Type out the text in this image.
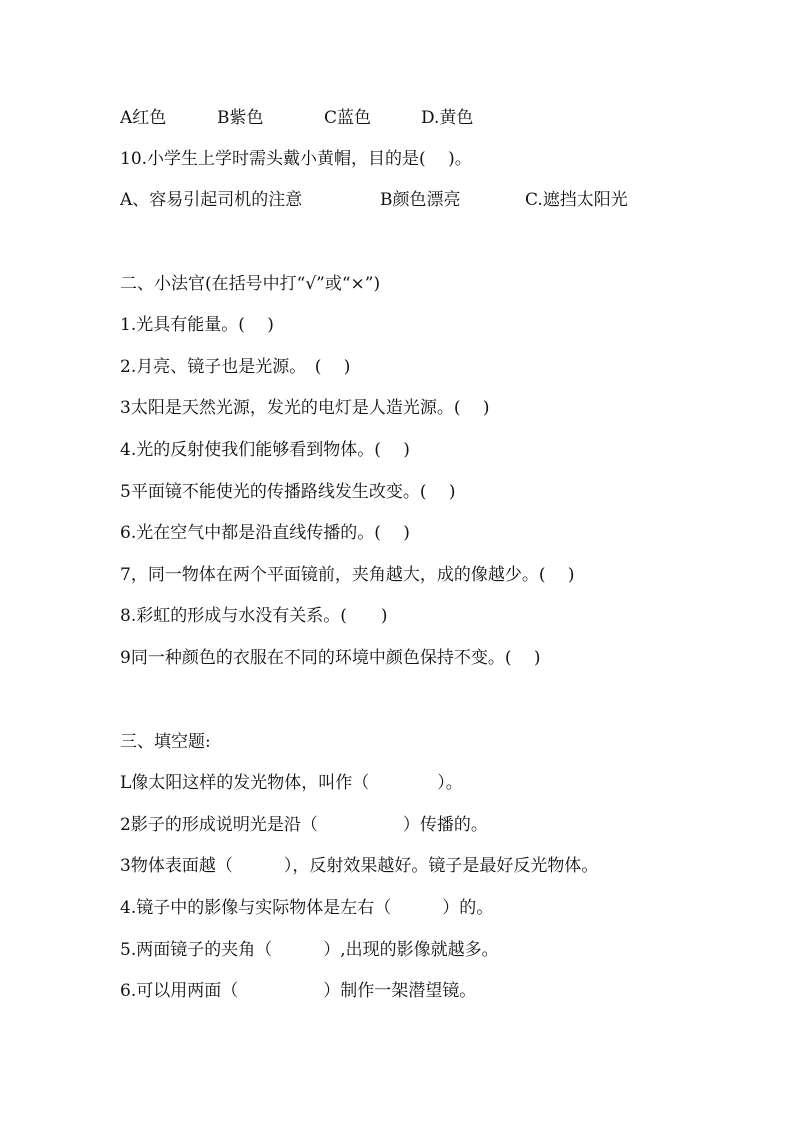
A红色	B紫色	C蓝色	D.黄色
10.小学生上学时需头戴小黄帽，目的是(　 )。
A、容易引起司机的注意	B颜色漂亮	C.遮挡太阳光
二、小法官(在括号中打“√”或“×”)
1.光具有能量。(　 )
2.月亮、镜子也是光源。　(　 )
3太阳是天然光源，发光的电灯是人造光源。(　 )
4.光的反射使我们能够看到物体。(　 )
5平面镜不能使光的传播路线发生改变。(　 )
6.光在空气中都是沿直线传播的。(　 )
7，同一物体在两个平面镜前，夹角越大，成的像越少。(　 )
8.彩虹的形成与水没有关系。(　　)
9同一种颜色的衣服在不同的环境中颜色保持不变。(　 )
三、填空题:
L像太阳这样的发光物体，叫作（　　　　）。
2影子的形成说明光是沿（　　　　　）传播的。
3物体表面越（　　　），反射效果越好。镜子是最好反光物体。
4.镜子中的影像与实际物体是左右（　　　）的。
5.两面镜子的夹角（　　　）,出现的影像就越多。
6.可以用两面（　　　　　）制作一架潜望镜。
